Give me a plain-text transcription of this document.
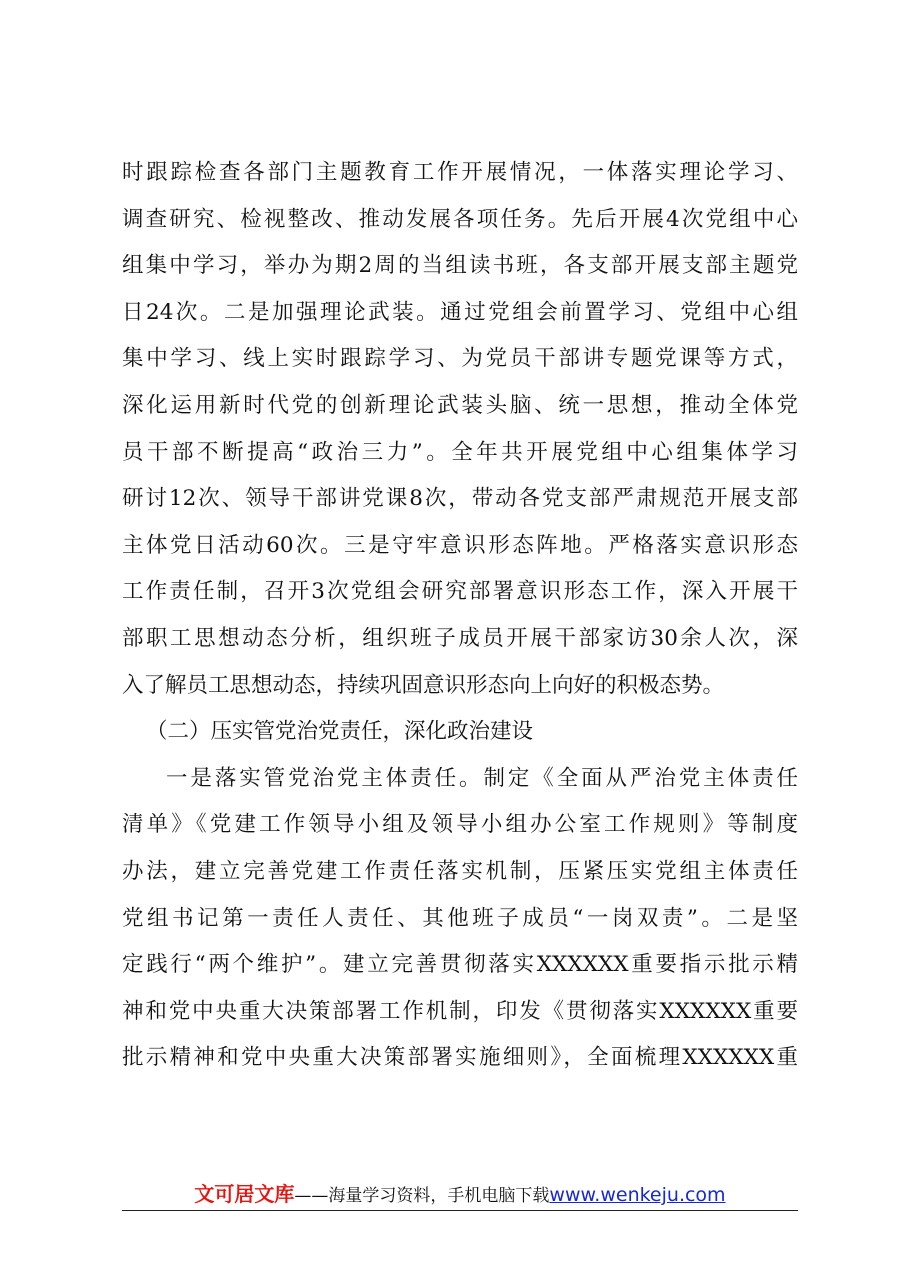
时跟踪检查各部门主题教育工作开展情况，一体落实理论学习、
调查研究、检视整改、推动发展各项任务。先后开展4次党组中心
组集中学习，举办为期2周的当组读书班，各支部开展支部主题党
日24次。二是加强理论武装。通过党组会前置学习、党组中心组
集中学习、线上实时跟踪学习、为党员干部讲专题党课等方式，
深化运用新时代党的创新理论武装头脑、统一思想，推动全体党
员干部不断提高“政治三力”。全年共开展党组中心组集体学习
研讨12次、领导干部讲党课8次，带动各党支部严肃规范开展支部
主体党日活动60次。三是守牢意识形态阵地。严格落实意识形态
工作责任制，召开3次党组会研究部署意识形态工作，深入开展干
部职工思想动态分析，组织班子成员开展干部家访30余人次，深
入了解员工思想动态，持续巩固意识形态向上向好的积极态势。
（二）压实管党治党责任，深化政治建设
一是落实管党治党主体责任。制定《全面从严治党主体责任
清单》《党建工作领导小组及领导小组办公室工作规则》等制度
办法，建立完善党建工作责任落实机制，压紧压实党组主体责任
党组书记第一责任人责任、其他班子成员“一岗双责”。二是坚
定践行“两个维护”。建立完善贯彻落实XXXXXX重要指示批示精
神和党中央重大决策部署工作机制，印发《贯彻落实XXXXXX重要
批示精神和党中央重大决策部署实施细则》，全面梳理XXXXXX重
文可居文库——海量学习资料，手机电脑下载www.wenkeju.com
